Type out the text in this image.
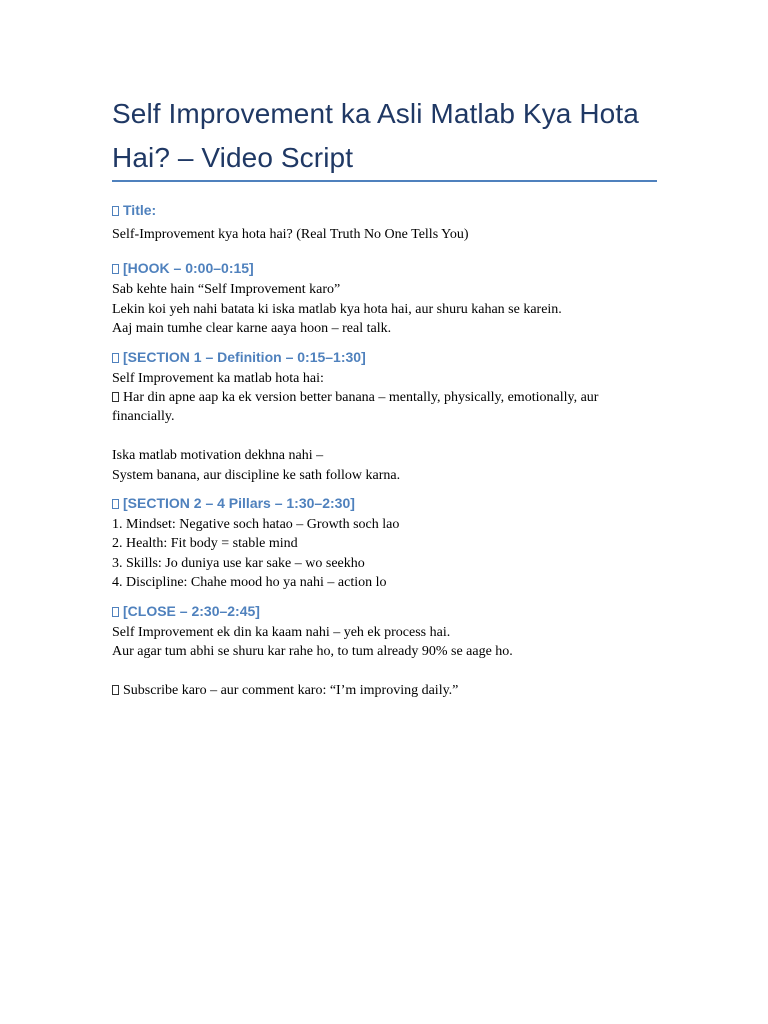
Self Improvement ka Asli Matlab Kya Hota Hai? – Video Script
Title:

Self-Improvement kya hota hai? (Real Truth No One Tells You)

[HOOK – 0:00–0:15]

Sab kehte hain “Self Improvement karo”

Lekin koi yeh nahi batata ki iska matlab kya hota hai, aur shuru kahan se karein.

Aaj main tumhe clear karne aaya hoon – real talk.

[SECTION 1 – Definition – 0:15–1:30]

Self Improvement ka matlab hota hai:

Har din apne aap ka ek version better banana – mentally, physically, emotionally, aur financially.

Iska matlab motivation dekhna nahi –

System banana, aur discipline ke sath follow karna.

[SECTION 2 – 4 Pillars – 1:30–2:30]

1. Mindset: Negative soch hatao – Growth soch lao

2. Health: Fit body = stable mind

3. Skills: Jo duniya use kar sake – wo seekho

4. Discipline: Chahe mood ho ya nahi – action lo

[CLOSE – 2:30–2:45]

Self Improvement ek din ka kaam nahi – yeh ek process hai.

Aur agar tum abhi se shuru kar rahe ho, to tum already 90% se aage ho.

Subscribe karo – aur comment karo: “I’m improving daily.”
